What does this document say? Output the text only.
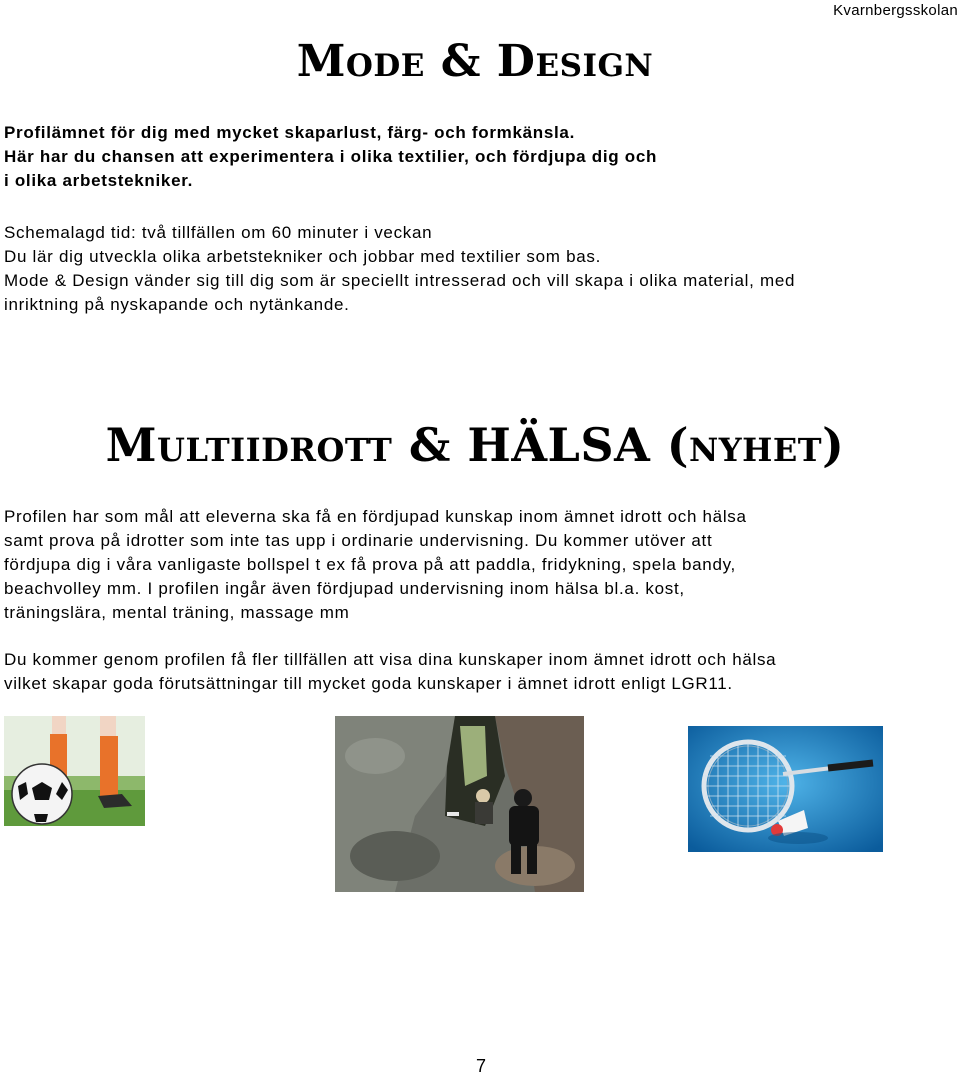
Kvarnbergsskolan
Mode & Design
Profilämnet för dig med mycket skaparlust, färg- och formkänsla.
Här har du chansen att experimentera i olika textilier, och fördjupa dig och
i olika arbetstekniker.
Schemalagd tid: två tillfällen om 60 minuter i veckan
Du lär dig utveckla olika arbetstekniker och jobbar med textilier som bas.
Mode & Design vänder sig till dig som är speciellt intresserad och vill skapa i olika material, med
inriktning på nyskapande och nytänkande.
Multiidrott & HÄLSA (nyhet)
Profilen har som mål att eleverna ska få en fördjupad kunskap inom ämnet idrott och hälsa
samt prova på idrotter som inte tas upp i ordinarie undervisning. Du kommer utöver att
fördjupa dig i våra vanligaste bollspel t ex få prova på att paddla, fridykning, spela bandy,
beachvolley mm. I profilen ingår även fördjupad undervisning inom hälsa bl.a. kost,
träningslära, mental träning, massage mm
Du kommer genom profilen få fler tillfällen att visa dina kunskaper inom ämnet idrott och hälsa
vilket skapar goda förutsättningar till mycket goda kunskaper i ämnet idrott enligt LGR11.
7
